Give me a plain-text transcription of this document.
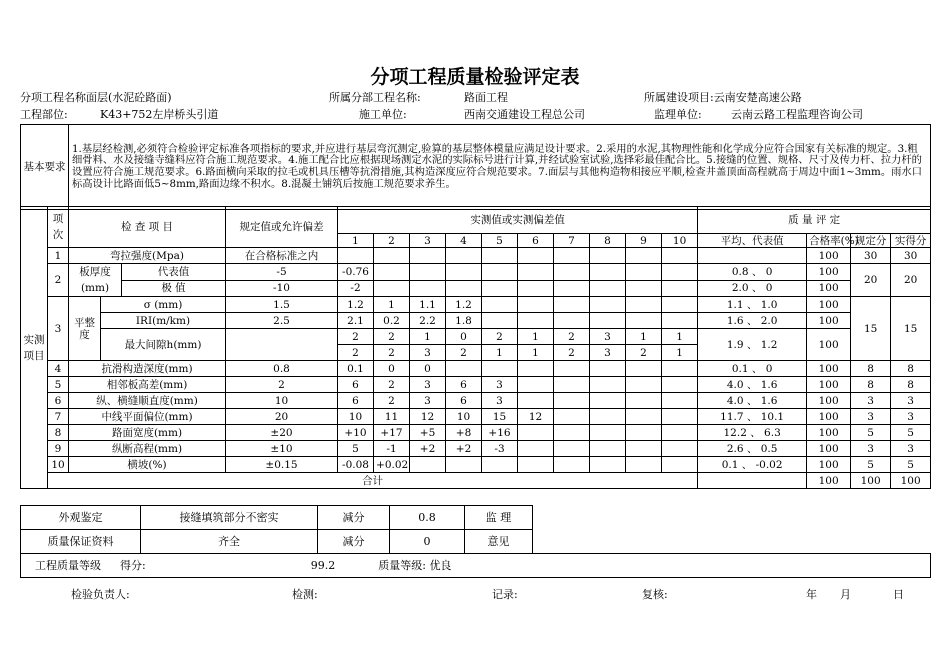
分项工程质量检验评定表
分项工程名称面层(水泥砼路面)	所属分部工程名称:	路面工程	所属建设项目:云南安楚高速公路
工程部位:	K43+752左岸桥头引道	施工单位:	西南交通建设工程总公司	监理单位:	云南云路工程监理咨询公司
基本要求	1.基层经检测,必须符合检验评定标准各项指标的要求,并应进行基层弯沉测定,验算的基层整体模量应满足设计要求。2.采用的水泥,其物理性能和化学成分应符合国家有关标准的规定。3.粗细骨料、水及接缝寺缝料应符合施工规范要求。4.施工配合比应根据现场测定水泥的实际标号进行计算,并经试验室试验,选择彩最佳配合比。5.接缝的位置、规格、尺寸及传力杆、拉力杆的设置应符合施工规范要求。6.路面横向采取的拉毛或机具压槽等抗滑措施,其构造深度应符合规范要求。7.面层与其他构造物相接应平顺,检查井盖顶面高程就高于周边中面1~3mm。雨水口标高设计比路面低5~8mm,路面边缘不积水。8.混凝土铺筑后按施工规范要求养生。
实测项目	项次	检 查 项 目			规定值或允许偏差	实测值或实测偏差值										质 量 评 定			
						1	2	3	4	5	6	7	8	9	10	平均、代表值	合格率(%)	规定分	实得分
	1	弯拉强度(Mpa)			在合格标准之内												100	30	30
	2	板厚度(mm)		代表值	-5	-0.76										0.8 、 0	100	20	20
				极 值	-10	-2										2.0 、 0	100		
	3	平整度	σ (mm)		1.5	1.2	1	1.1	1.2							1.1 、 1.0	100	15	15
			IRI(m/km)		2.5	2.1	0.2	2.2	1.8							1.6 、 2.0	100		
			最大间隙h(mm)			2	2	1	0	2	1	2	3	1	1	1.9 、 1.2	100		
						2	2	3	2	1	1	2	3	2	1				
	4	抗滑构造深度(mm)			0.8	0.1	0	0								0.1 、 0	100	8	8
	5	相邻板高差(mm)			2	6	2	3	6	3						4.0 、 1.6	100	8	8
	6	纵、横缝顺直度(mm)			10	6	2	3	6	3						4.0 、 1.6	100	3	3
	7	中线平面偏位(mm)			20	10	11	12	10	15	12					11.7 、 10.1	100	3	3
	8	路面宽度(mm)			±20	+10	+17	+5	+8	+16						12.2 、 6.3	100	5	5
	9	纵断高程(mm)			±10	5	-1	+2	+2	-3						2.6 、 0.5	100	3	3
	10	横坡(%)			±0.15	-0.08	+0.02									0.1 、 -0.02	100	5	5
	合计																100	100	100
外观鉴定	接缝填筑部分不密实	减分	0.8	监 理	
质量保证资料	齐全	减分	0	意见	
工程质量等级 得分: 99.2 质量等级: 优良					
检验负责人:	检测:	记录:	复核:	年 月	日
